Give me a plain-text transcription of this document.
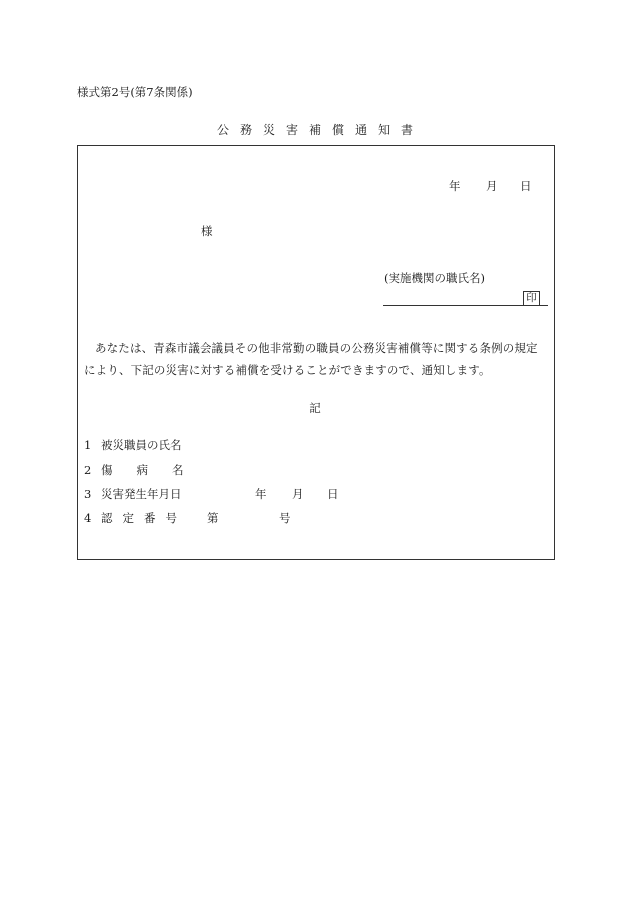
様式第2号(第7条関係)
公 務 災 害 補 償 通 知 書
年 月 日
様
(実施機関の職氏名)
印
あなたは、青森市議会議員その他非常勤の職員の公務災害補償等に関する条例の規定
により、下記の災害に対する補償を受けることができますので、通知します。
記
1 被災職員の氏名
2 傷 病 名
3 災害発生年月日	年 月 日
4 認 定 番 号	第	号
